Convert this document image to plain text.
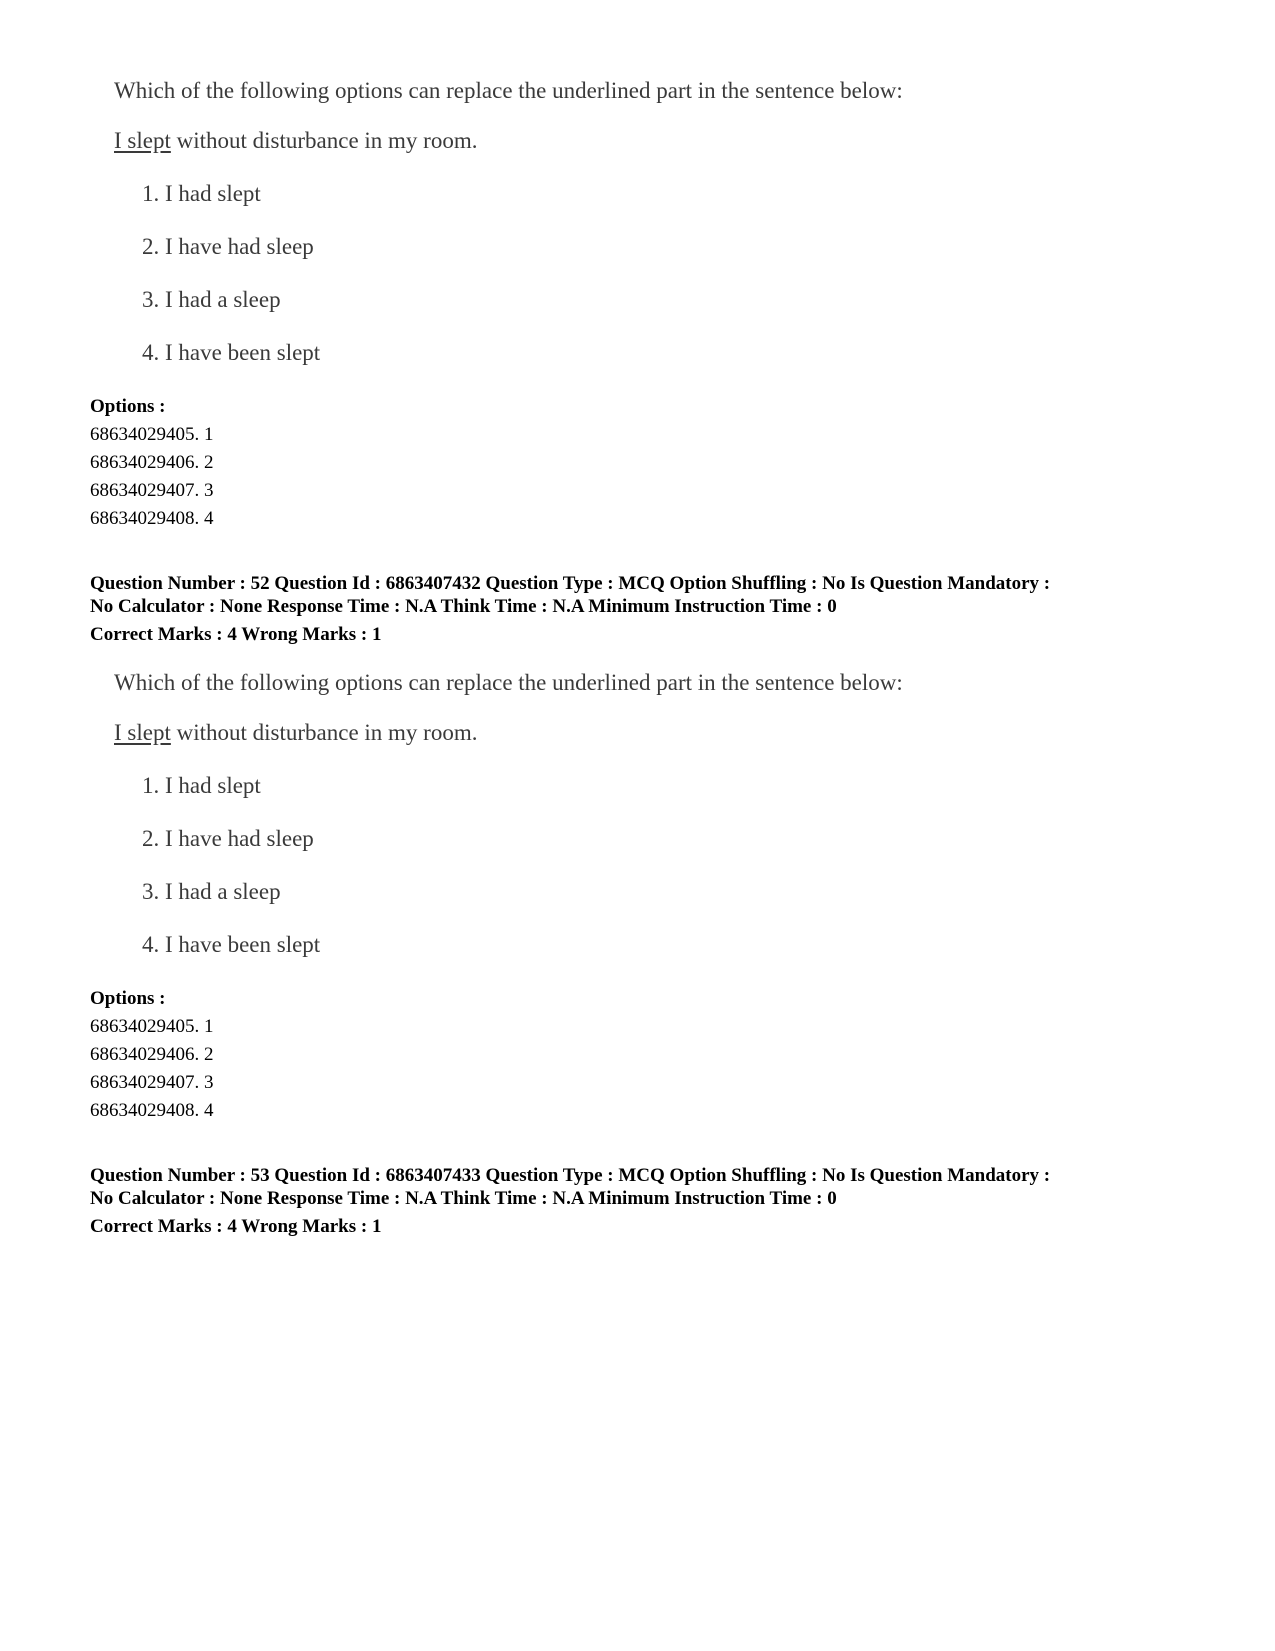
Which of the following options can replace the underlined part in the sentence below:
I slept without disturbance in my room.
1. I had slept
2. I have had sleep
3. I had a sleep
4. I have been slept
Options :
68634029405. 1
68634029406. 2
68634029407. 3
68634029408. 4
Question Number : 52 Question Id : 6863407432 Question Type : MCQ Option Shuffling : No Is Question Mandatory :
No Calculator : None Response Time : N.A Think Time : N.A Minimum Instruction Time : 0
Correct Marks : 4 Wrong Marks : 1
Which of the following options can replace the underlined part in the sentence below:
I slept without disturbance in my room.
1. I had slept
2. I have had sleep
3. I had a sleep
4. I have been slept
Options :
68634029405. 1
68634029406. 2
68634029407. 3
68634029408. 4
Question Number : 53 Question Id : 6863407433 Question Type : MCQ Option Shuffling : No Is Question Mandatory :
No Calculator : None Response Time : N.A Think Time : N.A Minimum Instruction Time : 0
Correct Marks : 4 Wrong Marks : 1
